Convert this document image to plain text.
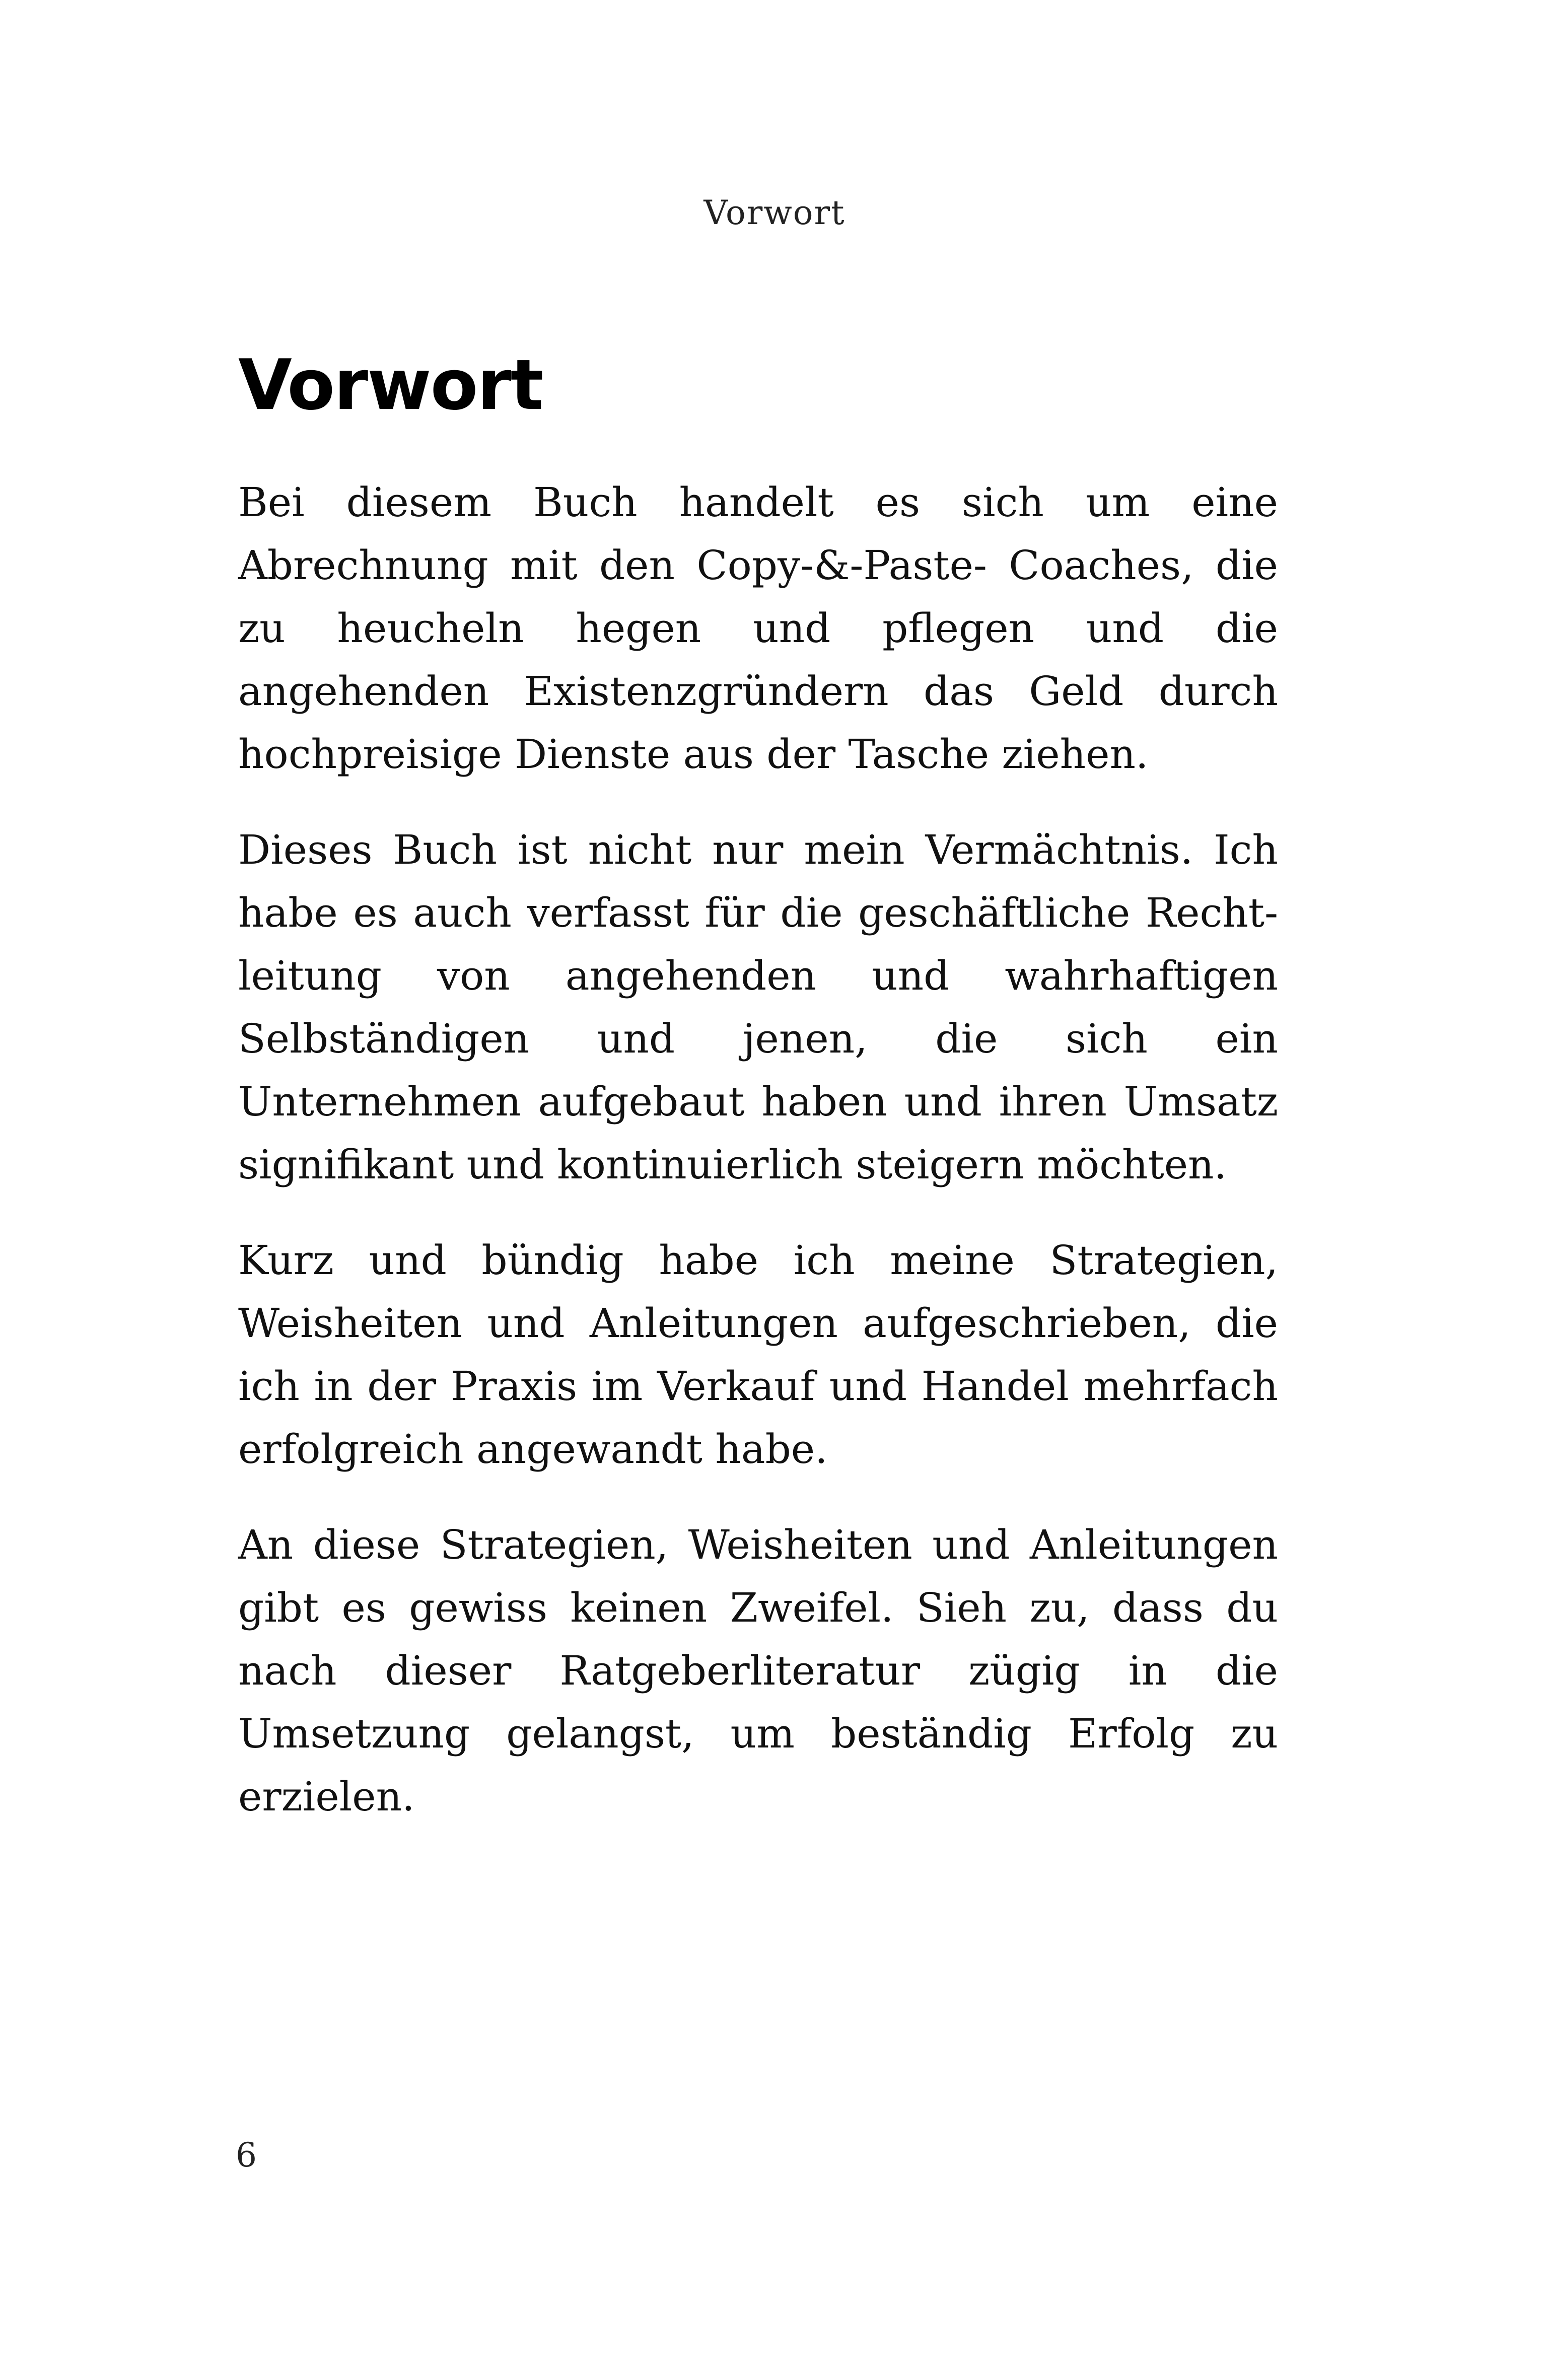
Vorwort
Vorwort

Bei diesem Buch handelt es sich um eine Abrechnung mit den Copy-&-Paste- Coaches, die zu heucheln hegen und pflegen und die angehenden Existenzgründern das Geld durch hochpreisige Dienste aus der Tasche ziehen.

Dieses Buch ist nicht nur mein Vermächtnis. Ich habe es auch verfasst für die geschäftliche Rechtleitung von angehenden und wahrhaftigen Selbständigen und jenen, die sich ein Unternehmen aufgebaut haben und ihren Umsatz signifikant und kontinuierlich steigern möchten.

Kurz und bündig habe ich meine Strategien, Weisheiten und Anleitungen aufgeschrieben, die ich in der Praxis im Verkauf und Handel mehrfach erfolgreich angewandt habe.

An diese Strategien, Weisheiten und Anleitungen gibt es gewiss keinen Zweifel. Sieh zu, dass du nach dieser Ratgeberliteratur zügig in die Umsetzung gelangst, um beständig Erfolg zu erzielen.

6
